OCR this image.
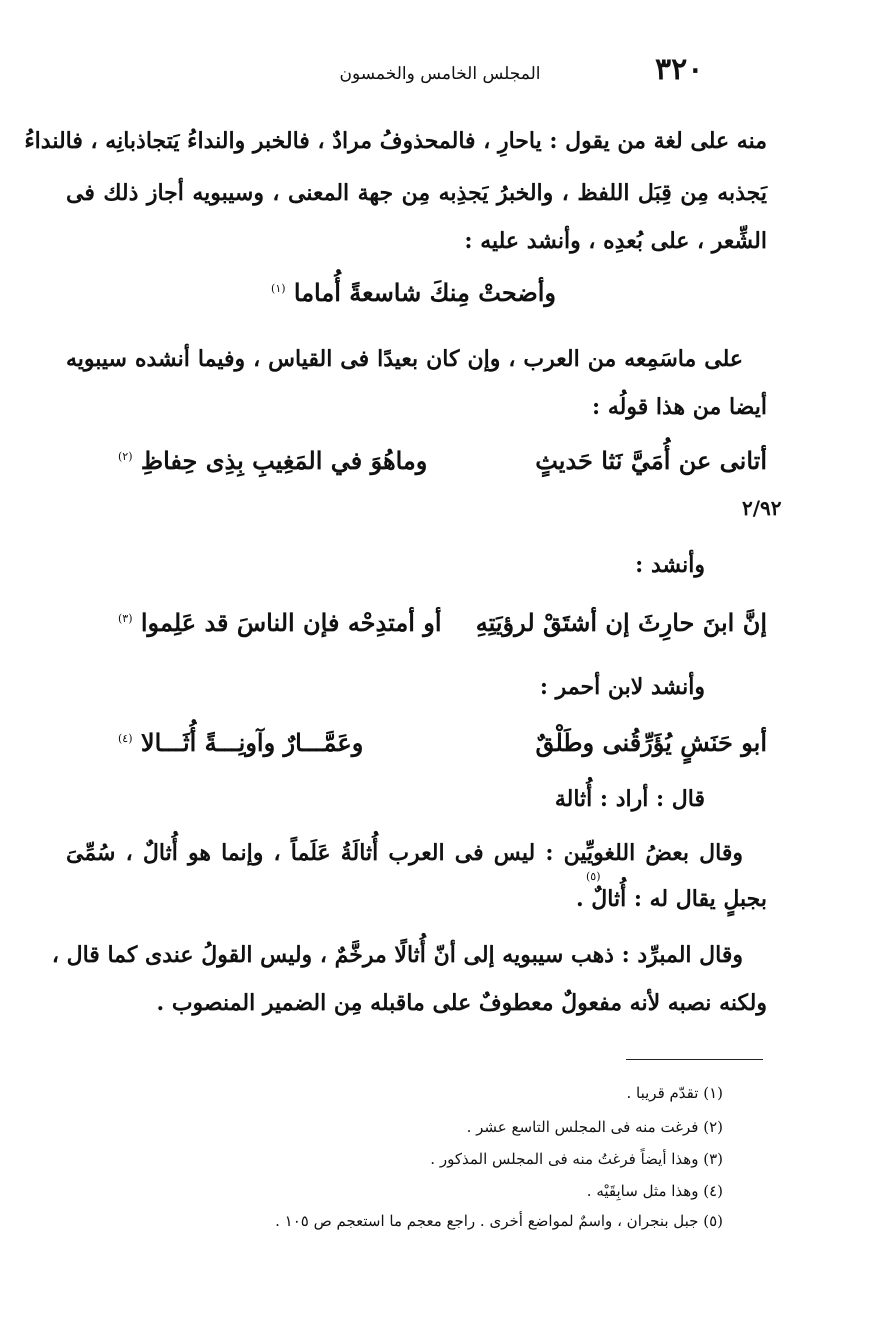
٣٢٠
المجلس الخامس والخمسون
منه على لغة من يقول : ياحارِ ، فالمحذوفُ مرادٌ ، فالخبر والنداءُ يَتجاذبانِه ، فالنداءُ
يَجذبه مِن قِبَل اللفظ ، والخبرُ يَجذِبه مِن جهة المعنى ، وسيبويه أجاز ذلك فى
الشِّعر ، على بُعدِه ، وأنشد عليه :
وأضحتْ مِنكَ شاسعةً أُماما $^{(١)}$
على ماسَمِعه من العرب ، وإن كان بعيدًا فى القياس ، وفيما أنشده سيبويه
أيضا من هذا قولُه :
أتانى عن أُمَيَّ نَثا حَديثٍ
وماهُوَ في المَغِيبِ بِذِى حِفاظِ $^{(٢)}$
٢/٩٢
وأنشد :
إنَّ ابنَ حارِثَ إن أشتَقْ لرؤيَتِهِ
أو أمتدِحْه فإن الناسَ قد عَلِموا $^{(٣)}$
وأنشد لابن أحمر :
أبو حَنَشٍ يُؤَرِّقُنى وطَلْقٌ
وعَمَّـــارٌ وآونِـــةً أُثَـــالا $^{(٤)}$
قال : أراد : أُثالة
وقال بعضُ اللغويِّين : ليس فى العرب أُثالَةُ عَلَماً ، وإنما هو أُثالٌ ، سُمِّىَ
بجبلٍ يقال له : أُثالٌ .
(٥)
وقال المبرِّد : ذهب سيبويه إلى أنّ أُثالًا مرخَّمٌ ، وليس القولُ عندى كما قال ،
ولكنه نصبه لأنه مفعولٌ معطوفٌ على ماقبله مِن الضمير المنصوب .
(١) تقدّم قريبا .
(٢) فرغت منه فى المجلس التاسع عشر .
(٣) وهذا أيضاً فرغتُ منه فى المجلس المذكور .
(٤) وهذا مثل سابِقَيْه .
(٥) جبل بنجران ، واسمٌ لمواضع أخرى . راجع معجم ما استعجم ص ١٠٥ .
